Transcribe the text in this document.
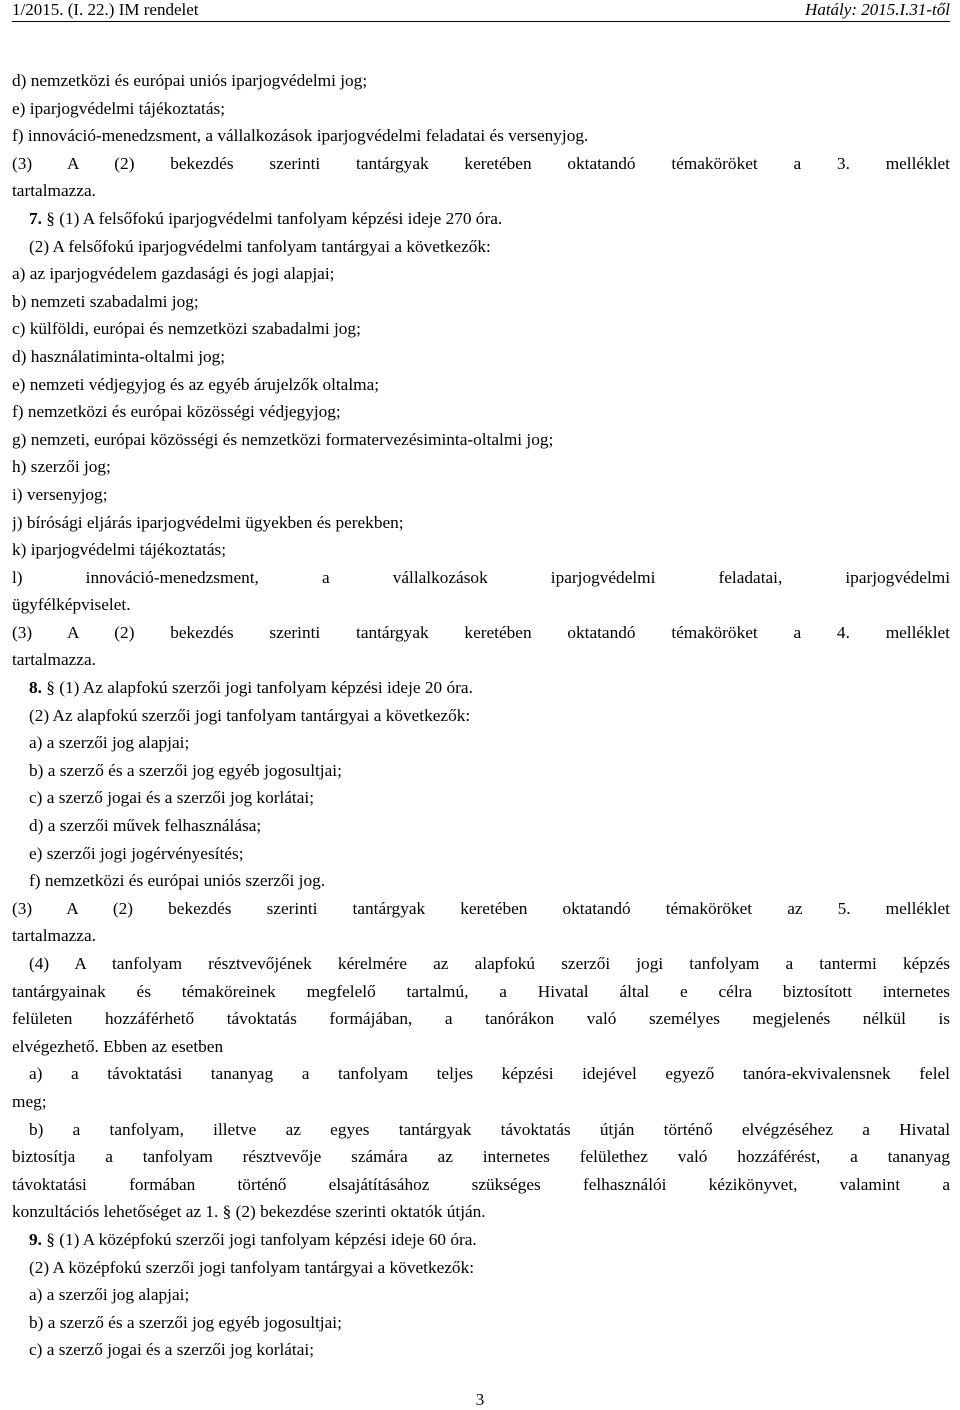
1/2015. (I. 22.) IM rendelet	Hatály: 2015.I.31-től
d) nemzetközi és európai uniós iparjogvédelmi jog;
e) iparjogvédelmi tájékoztatás;
f) innováció-menedzsment, a vállalkozások iparjogvédelmi feladatai és versenyjog.
(3) A (2) bekezdés szerinti tantárgyak keretében oktatandó témaköröket a 3. melléklet
tartalmazza.
7. § (1) A felsőfokú iparjogvédelmi tanfolyam képzési ideje 270 óra.
(2) A felsőfokú iparjogvédelmi tanfolyam tantárgyai a következők:
a) az iparjogvédelem gazdasági és jogi alapjai;
b) nemzeti szabadalmi jog;
c) külföldi, európai és nemzetközi szabadalmi jog;
d) használatiminta-oltalmi jog;
e) nemzeti védjegyjog és az egyéb árujelzők oltalma;
f) nemzetközi és európai közösségi védjegyjog;
g) nemzeti, európai közösségi és nemzetközi formatervezésiminta-oltalmi jog;
h) szerzői jog;
i) versenyjog;
j) bírósági eljárás iparjogvédelmi ügyekben és perekben;
k) iparjogvédelmi tájékoztatás;
l) innováció-menedzsment, a vállalkozások iparjogvédelmi feladatai, iparjogvédelmi
ügyfélképviselet.
(3) A (2) bekezdés szerinti tantárgyak keretében oktatandó témaköröket a 4. melléklet
tartalmazza.
8. § (1) Az alapfokú szerzői jogi tanfolyam képzési ideje 20 óra.
(2) Az alapfokú szerzői jogi tanfolyam tantárgyai a következők:
a) a szerzői jog alapjai;
b) a szerző és a szerzői jog egyéb jogosultjai;
c) a szerző jogai és a szerzői jog korlátai;
d) a szerzői művek felhasználása;
e) szerzői jogi jogérvényesítés;
f) nemzetközi és európai uniós szerzői jog.
(3) A (2) bekezdés szerinti tantárgyak keretében oktatandó témaköröket az 5. melléklet
tartalmazza.
(4) A tanfolyam résztvevőjének kérelmére az alapfokú szerzői jogi tanfolyam a tantermi képzés
tantárgyainak és témaköreinek megfelelő tartalmú, a Hivatal által e célra biztosított internetes
felületen hozzáférhető távoktatás formájában, a tanórákon való személyes megjelenés nélkül is
elvégezhető. Ebben az esetben
a) a távoktatási tananyag a tanfolyam teljes képzési idejével egyező tanóra-ekvivalensnek felel
meg;
b) a tanfolyam, illetve az egyes tantárgyak távoktatás útján történő elvégzéséhez a Hivatal
biztosítja a tanfolyam résztvevője számára az internetes felülethez való hozzáférést, a tananyag
távoktatási formában történő elsajátításához szükséges felhasználói kézikönyvet, valamint a
konzultációs lehetőséget az 1. § (2) bekezdése szerinti oktatók útján.
9. § (1) A középfokú szerzői jogi tanfolyam képzési ideje 60 óra.
(2) A középfokú szerzői jogi tanfolyam tantárgyai a következők:
a) a szerzői jog alapjai;
b) a szerző és a szerzői jog egyéb jogosultjai;
c) a szerző jogai és a szerzői jog korlátai;
3
